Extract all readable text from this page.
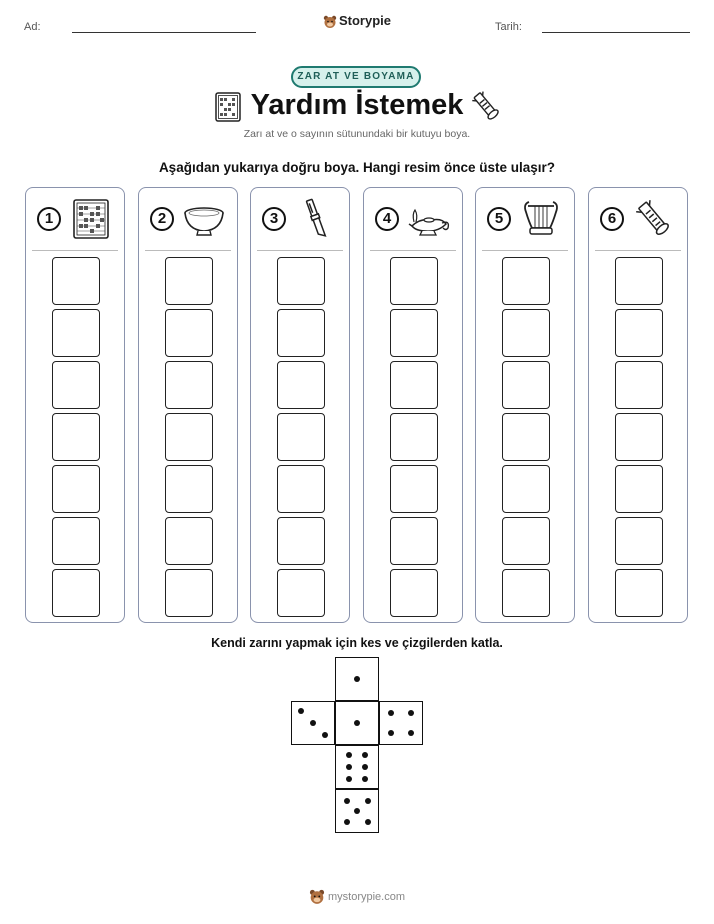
Ad:	Storypie	Tarih:
ZAR AT VE BOYAMA
Yardım İstemek
Zarı at ve o sayının sütunundaki bir kutuyu boya.
Aşağıdan yukarıya doğru boya. Hangi resim önce üste ulaşır?
1	2	3	4	5	6
Kendi zarını yapmak için kes ve çizgilerden katla.
mystorypie.com
